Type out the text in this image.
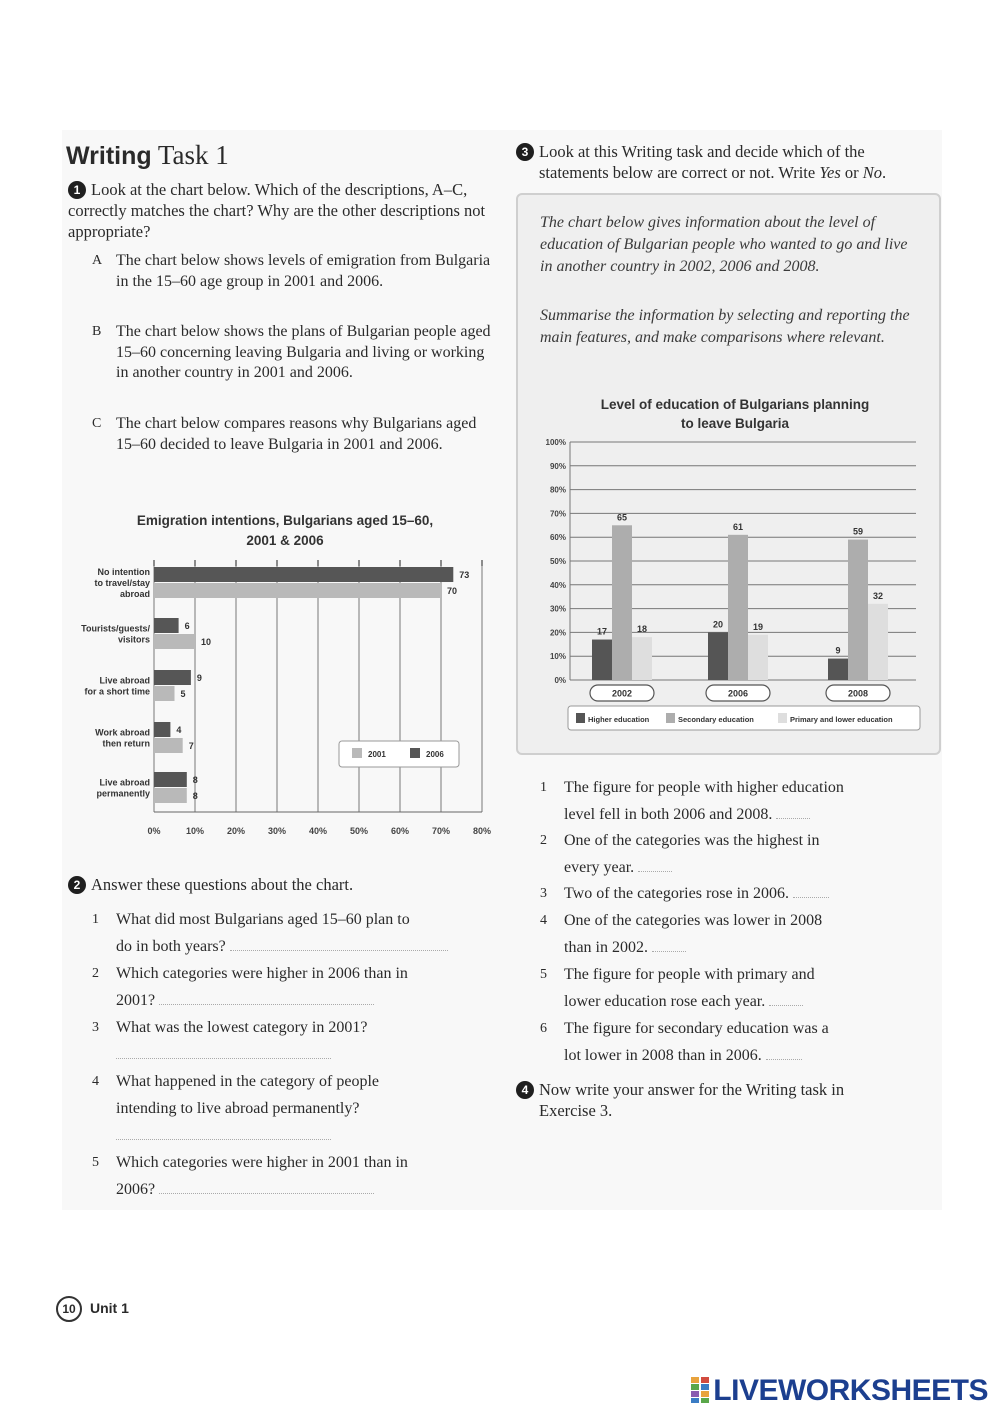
Writing Task 1
1 Look at the chart below. Which of the descriptions, A–C, correctly matches the chart? Why are the other descriptions not appropriate?
A The chart below shows levels of emigration from Bulgaria in the 15–60 age group in 2001 and 2006.
B The chart below shows the plans of Bulgarian people aged 15–60 concerning leaving Bulgaria and living or working in another country in 2001 and 2006.
C The chart below compares reasons why Bulgarians aged 15–60 decided to leave Bulgaria in 2001 and 2006.
Emigration intentions, Bulgarians aged 15–60,
2001 & 2006
0%	10%	20%	30%	40%	50%	60%	70%	80%
73
70
No intention
to travel/stay
abroad
6
10
Tourists/guests/
visitors
9
5
Live abroad
for a short time
4
7
Work abroad
then return
8
8
Live abroad
permanently
2001	2006
2 Answer these questions about the chart.
1 What did most Bulgarians aged 15–60 plan to
do in both years?
2 Which categories were higher in 2006 than in
2001?
3 What was the lowest category in 2001?

4 What happened in the category of people
intending to live abroad permanently?

5 Which categories were higher in 2001 than in
2006?
3 Look at this Writing task and decide which of the
statements below are correct or not. Write Yes or No.
The chart below gives information about the level of education of Bulgarian people who wanted to go and live in another country in 2002, 2006 and 2008.
Summarise the information by selecting and reporting the main features, and make comparisons where relevant.
Level of education of Bulgarians planning
to leave Bulgaria
0%
10%
20%
30%
40%
50%
60%
70%
80%
90%
100%
17
65
18
2002
20
61
19
2006
9
59
32
2008
Higher education	Secondary education	Primary and lower education
1 The figure for people with higher education
level fell in both 2006 and 2008.
2 One of the categories was the highest in
every year.
3 Two of the categories rose in 2006.
4 One of the categories was lower in 2008
than in 2002.
5 The figure for people with primary and
lower education rose each year.
6 The figure for secondary education was a
lot lower in 2008 than in 2006.
4 Now write your answer for the Writing task in
Exercise 3.
10 Unit 1
LIVEWORKSHEETS
